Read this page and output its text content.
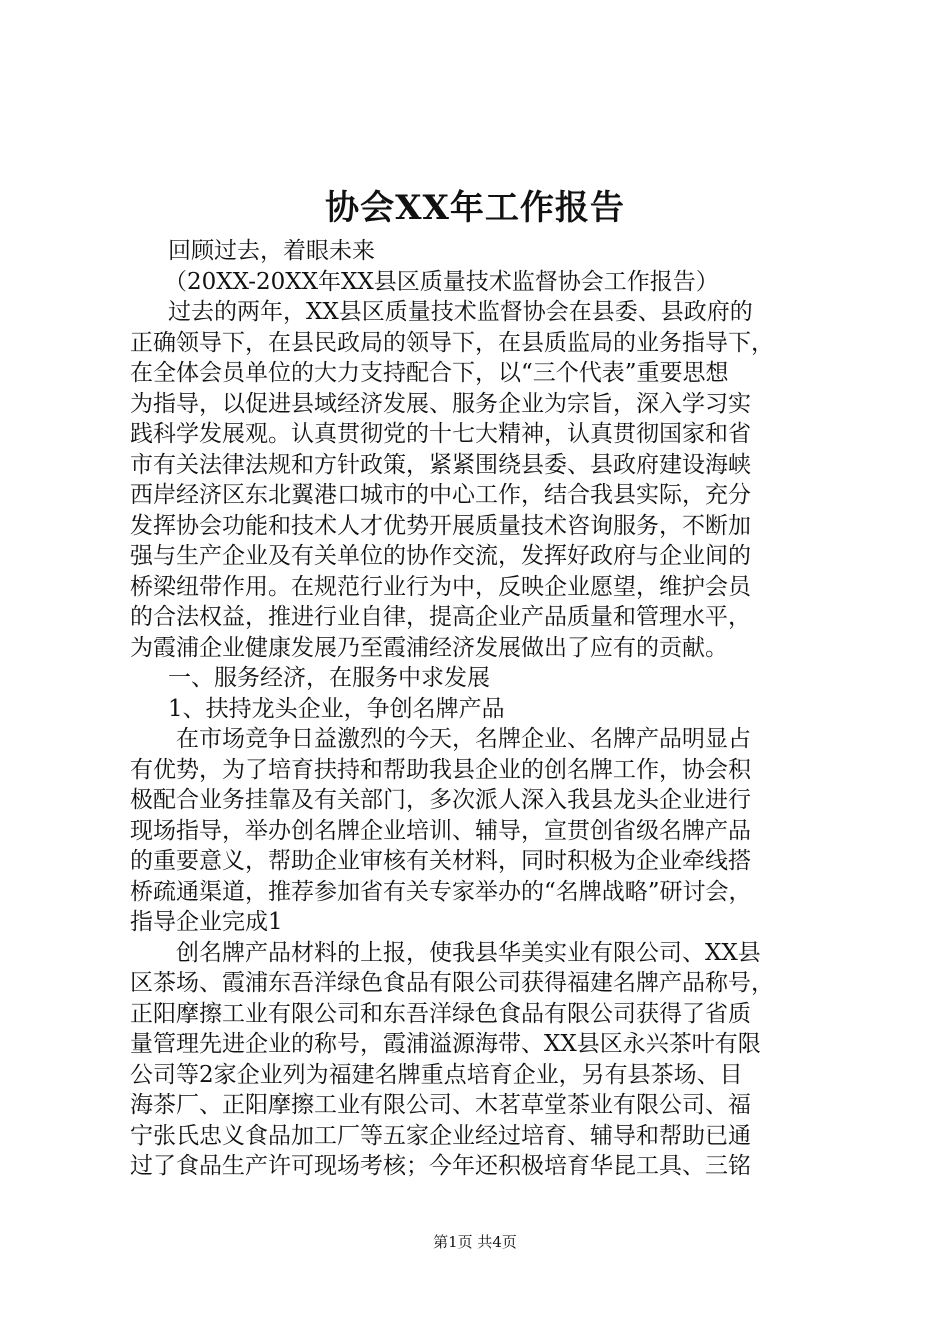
协会XX年工作报告
回顾过去，着眼未来
（20XX-20XX年XX县区质量技术监督协会工作报告）
过去的两年，XX县区质量技术监督协会在县委、县政府的
正确领导下，在县民政局的领导下，在县质监局的业务指导下，
在全体会员单位的大力支持配合下，以“三个代表”重要思想
为指导，以促进县域经济发展、服务企业为宗旨，深入学习实
践科学发展观。认真贯彻党的十七大精神，认真贯彻国家和省
市有关法律法规和方针政策，紧紧围绕县委、县政府建设海峡
西岸经济区东北翼港口城市的中心工作，结合我县实际，充分
发挥协会功能和技术人才优势开展质量技术咨询服务，不断加
强与生产企业及有关单位的协作交流，发挥好政府与企业间的
桥梁纽带作用。在规范行业行为中，反映企业愿望，维护会员
的合法权益，推进行业自律，提高企业产品质量和管理水平，
为霞浦企业健康发展乃至霞浦经济发展做出了应有的贡献。
一、服务经济，在服务中求发展
1、扶持龙头企业，争创名牌产品
在市场竞争日益激烈的今天，名牌企业、名牌产品明显占
有优势，为了培育扶持和帮助我县企业的创名牌工作，协会积
极配合业务挂靠及有关部门，多次派人深入我县龙头企业进行
现场指导，举办创名牌企业培训、辅导，宣贯创省级名牌产品
的重要意义，帮助企业审核有关材料，同时积极为企业牵线搭
桥疏通渠道，推荐参加省有关专家举办的“名牌战略”研讨会，
指导企业完成1
创名牌产品材料的上报，使我县华美实业有限公司、XX县
区茶场、霞浦东吾洋绿色食品有限公司获得福建名牌产品称号，
正阳摩擦工业有限公司和东吾洋绿色食品有限公司获得了省质
量管理先进企业的称号，霞浦溢源海带、XX县区永兴茶叶有限
公司等2家企业列为福建名牌重点培育企业，另有县茶场、目
海茶厂、正阳摩擦工业有限公司、木茗草堂茶业有限公司、福
宁张氏忠义食品加工厂等五家企业经过培育、辅导和帮助已通
过了食品生产许可现场考核；今年还积极培育华昆工具、三铭
第1页 共4页
